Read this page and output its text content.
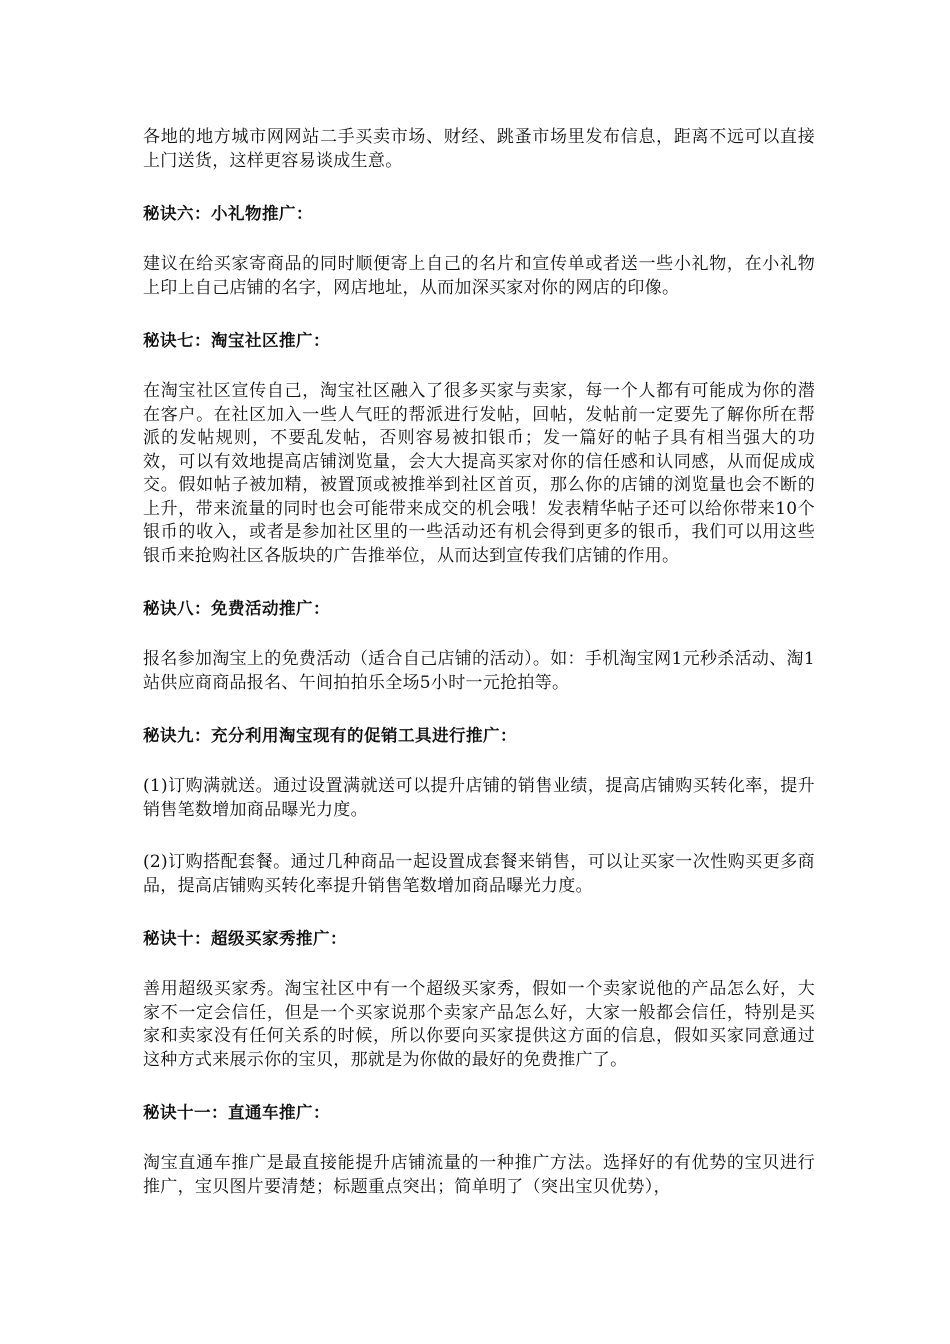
各地的地方城市网网站二手买卖市场、财经、跳蚤市场里发布信息，距离不远可以直接上门送货，这样更容易谈成生意。

秘诀六：小礼物推广：

建议在给买家寄商品的同时顺便寄上自己的名片和宣传单或者送一些小礼物，在小礼物上印上自己店铺的名字，网店地址，从而加深买家对你的网店的印像。

秘诀七：淘宝社区推广：

在淘宝社区宣传自己，淘宝社区融入了很多买家与卖家，每一个人都有可能成为你的潜在客户。在社区加入一些人气旺的帮派进行发帖，回帖，发帖前一定要先了解你所在帮派的发帖规则，不要乱发帖，否则容易被扣银币；发一篇好的帖子具有相当强大的功效，可以有效地提高店铺浏览量，会大大提高买家对你的信任感和认同感，从而促成成交。假如帖子被加精，被置顶或被推举到社区首页，那么你的店铺的浏览量也会不断的上升，带来流量的同时也会可能带来成交的机会哦！发表精华帖子还可以给你带来10个银币的收入，或者是参加社区里的一些活动还有机会得到更多的银币，我们可以用这些银币来抢购社区各版块的广告推举位，从而达到宣传我们店铺的作用。

秘诀八：免费活动推广：

报名参加淘宝上的免费活动（适合自己店铺的活动）。如：手机淘宝网1元秒杀活动、淘1站供应商商品报名、午间拍拍乐全场5小时一元抢拍等。

秘诀九：充分利用淘宝现有的促销工具进行推广：

(1)订购满就送。通过设置满就送可以提升店铺的销售业绩，提高店铺购买转化率，提升销售笔数增加商品曝光力度。

(2)订购搭配套餐。通过几种商品一起设置成套餐来销售，可以让买家一次性购买更多商品，提高店铺购买转化率提升销售笔数增加商品曝光力度。

秘诀十：超级买家秀推广：

善用超级买家秀。淘宝社区中有一个超级买家秀，假如一个卖家说他的产品怎么好，大家不一定会信任，但是一个买家说那个卖家产品怎么好，大家一般都会信任，特别是买家和卖家没有任何关系的时候，所以你要向买家提供这方面的信息，假如买家同意通过这种方式来展示你的宝贝，那就是为你做的最好的免费推广了。

秘诀十一：直通车推广：

淘宝直通车推广是最直接能提升店铺流量的一种推广方法。选择好的有优势的宝贝进行推广，宝贝图片要清楚；标题重点突出；简单明了（突出宝贝优势），
